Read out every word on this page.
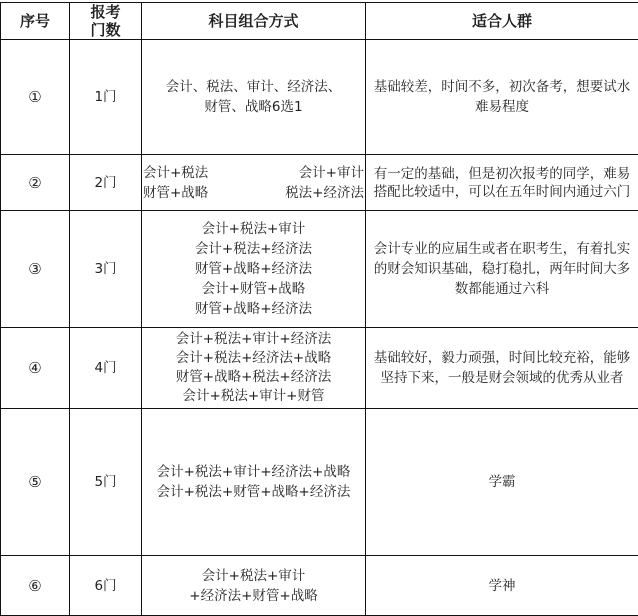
序号	报考
门数	科目组合方式	适合人群
①	1门	会计、税法、审计、经济法、
财管、战略6选1	基础较差，时间不多，初次备考，想要试水难易程度
②	2门	会计+税法 会计+审计
财管+战略 税法+经济法	有一定的基础，但是初次报考的同学，难易搭配比较适中，可以在五年时间内通过六门
③	3门	会计+税法+审计
会计+税法+经济法
财管+战略+经济法
会计+财管+战略
财管+战略+经济法	会计专业的应届生或者在职考生，有着扎实的财会知识基础，稳打稳扎，两年时间大多数都能通过六科
④	4门	会计+税法+审计+经济法
会计+税法+经济法+战略
财管+战略+税法+经济法
会计+税法+审计+财管	基础较好，毅力顽强，时间比较充裕，能够坚持下来，一般是财会领域的优秀从业者
⑤	5门	会计+税法+审计+经济法+战略
会计+税法+财管+战略+经济法	学霸
⑥	6门	会计+税法+审计
+经济法+财管+战略	学神
